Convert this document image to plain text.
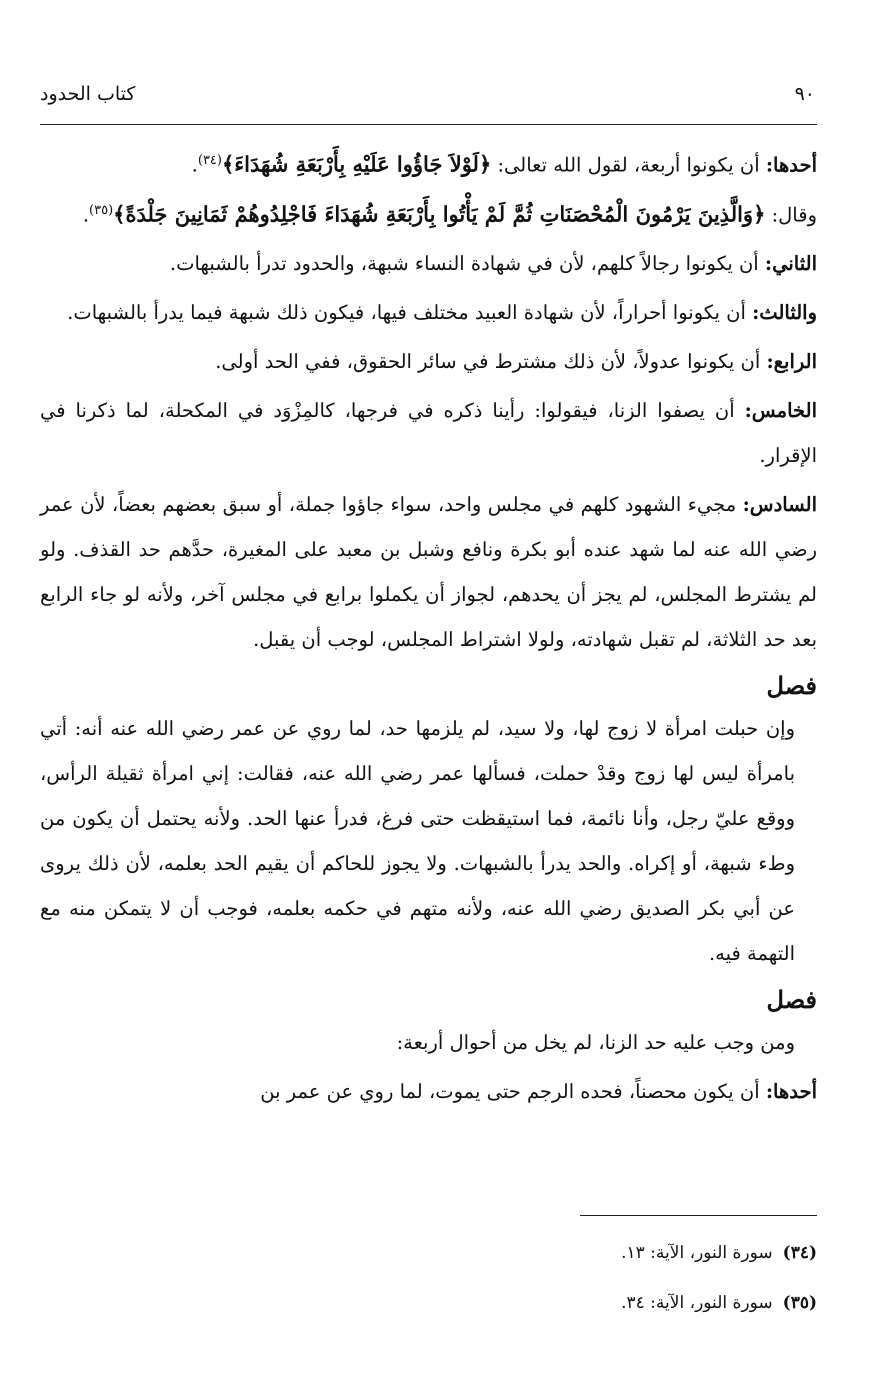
٩٠
كتاب الحدود

أحدها: أن يكونوا أربعة، لقول الله تعالى: ﴿لَوْلاَ جَاؤُوا عَلَيْهِ بِأَرْبَعَةِ شُهَدَاءَ﴾$^{(٣٤)}$.
وقال: ﴿وَالَّذِينَ يَرْمُونَ الْمُحْصَنَاتِ ثُمَّ لَمْ يَأْتُوا بِأَرْبَعَةِ شُهَدَاءَ فَاجْلِدُوهُمْ ثَمَانِينَ جَلْدَةً﴾$^{(٣٥)}$.

الثاني: أن يكونوا رجالاً كلهم، لأن في شهادة النساء شبهة، والحدود تدرأ بالشبهات.

والثالث: أن يكونوا أحراراً، لأن شهادة العبيد مختلف فيها، فيكون ذلك شبهة فيما يدرأ بالشبهات.

الرابع: أن يكونوا عدولاً، لأن ذلك مشترط في سائر الحقوق، ففي الحد أولى.

الخامس: أن يصفوا الزنا، فيقولوا: رأينا ذكره في فرجها، كالمِزْوَد في المكحلة، لما ذكرنا في الإقرار.

السادس: مجيء الشهود كلهم في مجلس واحد، سواء جاؤوا جملة، أو سبق بعضهم بعضاً، لأن عمر رضي الله عنه لما شهد عنده أبو بكرة ونافع وشبل بن معبد على المغيرة، حدَّهم حد القذف. ولو لم يشترط المجلس، لم يجز أن يحدهم، لجواز أن يكملوا برابع في مجلس آخر، ولأنه لو جاء الرابع بعد حد الثلاثة، لم تقبل شهادته، ولولا اشتراط المجلس، لوجب أن يقبل.

فصل

وإن حبلت امرأة لا زوج لها، ولا سيد، لم يلزمها حد، لما روي عن عمر رضي الله عنه أنه: أتي بامرأة ليس لها زوج وقدْ حملت، فسألها عمر رضي الله عنه، فقالت: إني امرأة ثقيلة الرأس، ووقع عليّ رجل، وأنا نائمة، فما استيقظت حتى فرغ، فدرأ عنها الحد. ولأنه يحتمل أن يكون من وطء شبهة، أو إكراه. والحد يدرأ بالشبهات. ولا يجوز للحاكم أن يقيم الحد بعلمه، لأن ذلك يروى عن أبي بكر الصديق رضي الله عنه، ولأنه متهم في حكمه بعلمه، فوجب أن لا يتمكن منه مع التهمة فيه.

فصل

ومن وجب عليه حد الزنا، لم يخل من أحوال أربعة:

أحدها: أن يكون محصناً، فحده الرجم حتى يموت، لما روي عن عمر بن

(٣٤)سورة النور، الآية: ١٣.
(٣٥)سورة النور، الآية: ٣٤.
